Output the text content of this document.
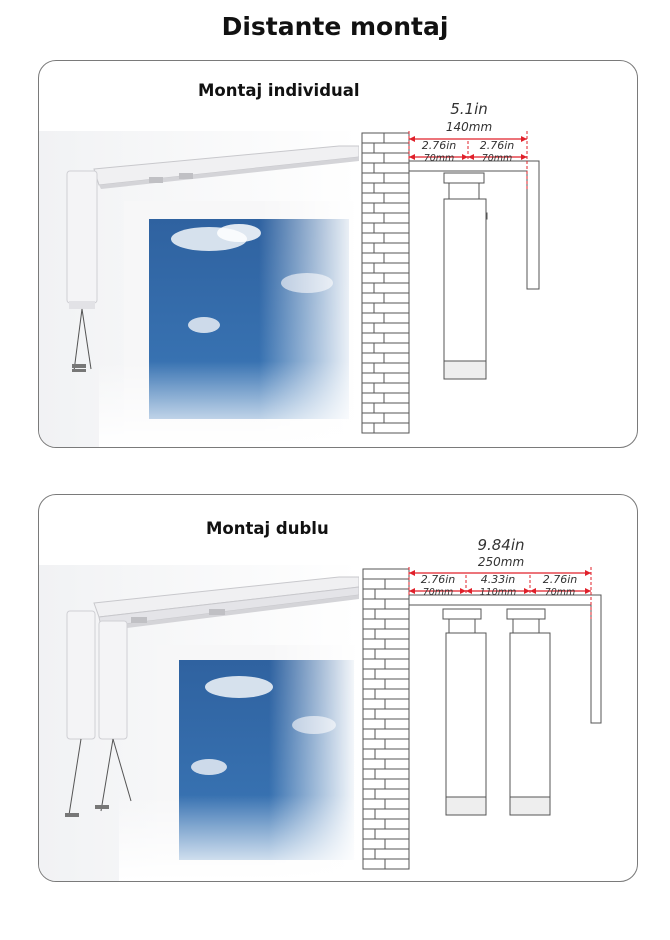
Distante montaj
Montaj individual
5.1in
140mm
2.76in
70mm
2.76in
70mm
Montaj dublu
9.84in
250mm
2.76in
70mm
4.33in
110mm
2.76in
70mm
